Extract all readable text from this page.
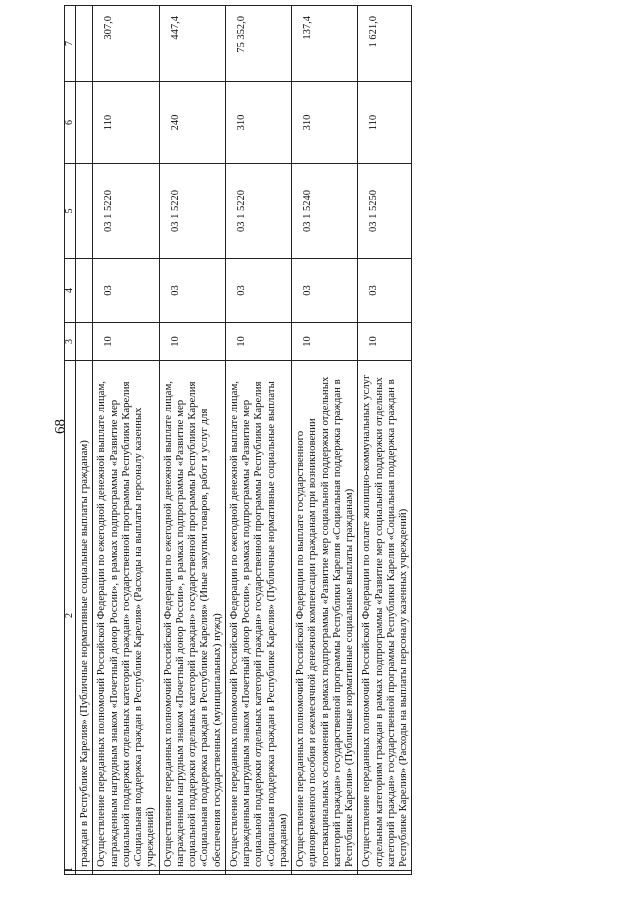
68
1	2	3	4	5	6	7
	граждан в Республике Карелия» (Публичные нормативные социальные выплаты гражданам)					
	Осуществление переданных полномочий Российской Федерации по ежегодной денежной выплате лицам, награжденным нагрудным знаком «Почетный донор России», в рамках подпрограммы «Развитие мер социальной поддержки отдельных категорий граждан» государственной программы Республики Карелия «Социальная поддержка граждан в Республике Карелия» (Расходы на выплаты персоналу казенных учреждений)	10	03	03 1 5220	110	307,0
	Осуществление переданных полномочий Российской Федерации по ежегодной денежной выплате лицам, награжденным нагрудным знаком «Почетный донор России», в рамках подпрограммы «Развитие мер социальной поддержки отдельных категорий граждан» государственной программы Республики Карелия «Социальная поддержка граждан в Республике Карелия» (Иные закупки товаров, работ и услуг для обеспечения государственных (муниципальных) нужд)	10	03	03 1 5220	240	447,4
	Осуществление переданных полномочий Российской Федерации по ежегодной денежной выплате лицам, награжденным нагрудным знаком «Почетный донор России», в рамках подпрограммы «Развитие мер социальной поддержки отдельных категорий граждан» государственной программы Республики Карелия «Социальная поддержка граждан в Республике Карелия» (Публичные нормативные социальные выплаты гражданам)	10	03	03 1 5220	310	75 352,0
	Осуществление переданных полномочий Российской Федерации по выплате государственного единовременного пособия и ежемесячной денежной компенсации гражданам при возникновении поствакцинальных осложнений в рамках подпрограммы «Развитие мер социальной поддержки отдельных категорий граждан» государственной программы Республики Карелия «Социальная поддержка граждан в Республике Карелия» (Публичные нормативные социальные выплаты гражданам)	10	03	03 1 5240	310	137,4
	Осуществление переданных полномочий Российской Федерации по оплате жилищно-коммунальных услуг отдельным категориям граждан в рамках подпрограммы «Развитие мер социальной поддержки отдельных категорий граждан» государственной программы Республики Карелия «Социальная поддержка граждан в Республике Карелия» (Расходы на выплаты персоналу казенных учреждений)	10	03	03 1 5250	110	1 621,0
